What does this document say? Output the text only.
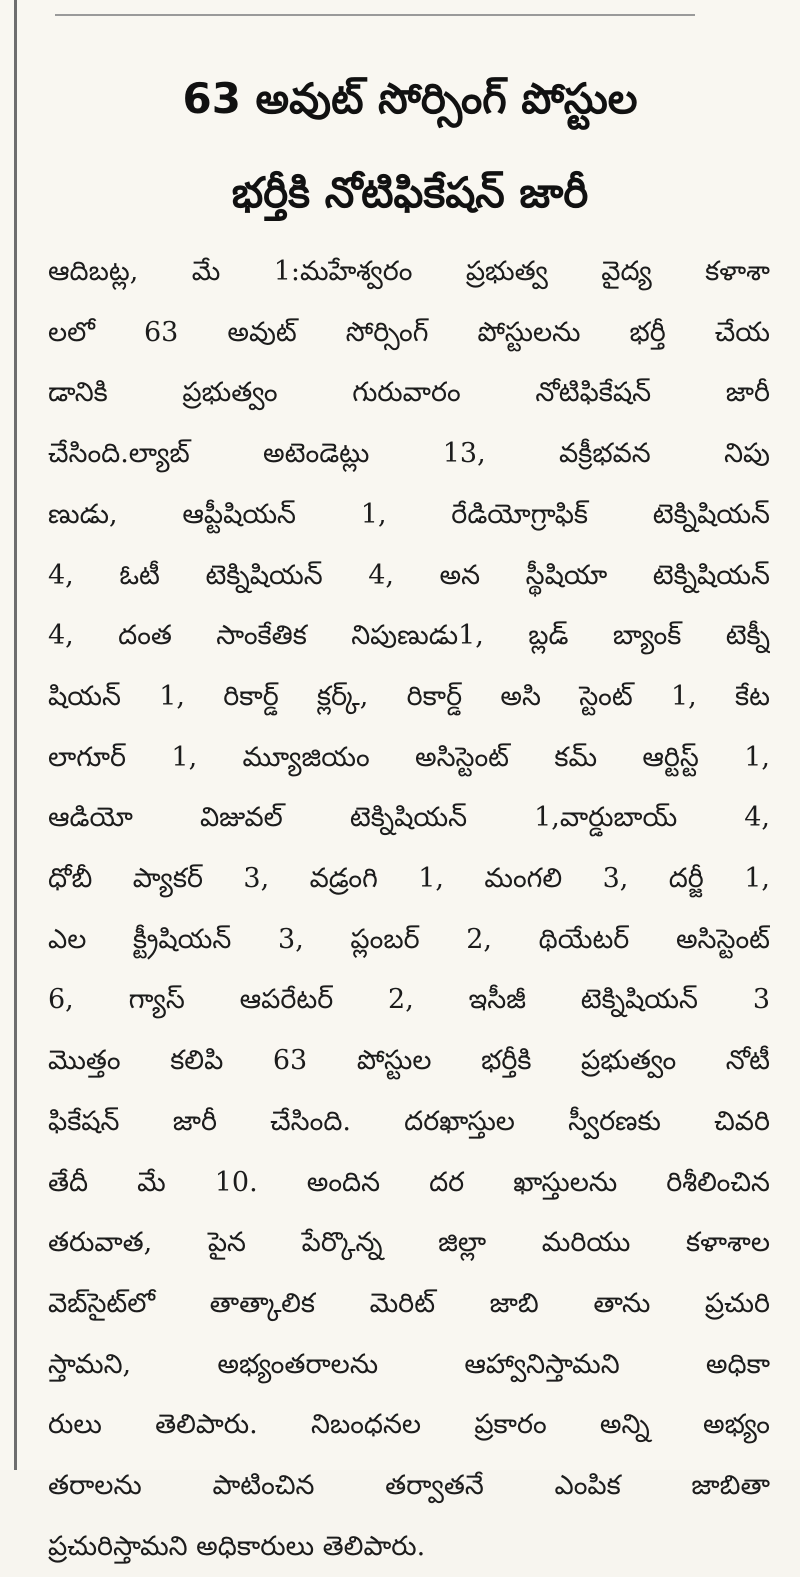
63 అవుట్ సోర్సింగ్ పోస్టుల
భర్తీకి నోటిఫికేషన్ జారీ
ఆదిబట్ల, మే 1:మహేశ్వరం ప్రభుత్వ వైద్య కళాశా
లలో 63 అవుట్ సోర్సింగ్ పోస్టులను భర్తీ చేయ
డానికి ప్రభుత్వం గురువారం నోటిఫికేషన్ జారీ
చేసింది.ల్యాబ్ అటెండెట్లు 13, వక్రీభవన నిపు
ణుడు, ఆప్టీషియన్ 1, రేడియోగ్రాఫిక్ టెక్నిషియన్
4, ఓటీ టెక్నిషియన్ 4, అన స్థీషియా టెక్నిషియన్
4, దంత సాంకేతిక నిపుణుడు1, బ్లడ్ బ్యాంక్ టెక్నీ
షియన్ 1, రికార్డ్ క్లర్క్, రికార్డ్ అసి స్టెంట్ 1, కేట
లాగూర్ 1, మ్యూజియం అసిస్టెంట్ కమ్ ఆర్టిస్ట్ 1,
ఆడియో విజువల్ టెక్నిషియన్ 1,వార్డుబాయ్ 4,
ధోబీ ప్యాకర్ 3, వడ్రంగి 1, మంగలి 3, దర్జీ 1,
ఎల క్ట్రీషియన్ 3, ప్లంబర్ 2, థియేటర్ అసిస్టెంట్
6, గ్యాస్ ఆపరేటర్ 2, ఇసీజీ టెక్నిషియన్ 3
మొత్తం కలిపి 63 పోస్టుల భర్తీకి ప్రభుత్వం నోటీ
ఫికేషన్ జారీ చేసింది. దరఖాస్తుల స్వీరణకు చివరి
తేదీ మే 10. అందిన దర ఖాస్తులను రిశీలించిన
తరువాత, పైన పేర్కొన్న జిల్లా మరియు కళాశాల
వెబ్‌సైట్‌లో తాత్కాలిక మెరిట్ జాబి తాను ప్రచురి
స్తామని, అభ్యంతరాలను ఆహ్వానిస్తామని అధికా
రులు తెలిపారు. నిబంధనల ప్రకారం అన్ని అభ్యం
తరాలను పాటించిన తర్వాతనే ఎంపిక జాబితా
ప్రచురిస్తామని అధికారులు తెలిపారు.
